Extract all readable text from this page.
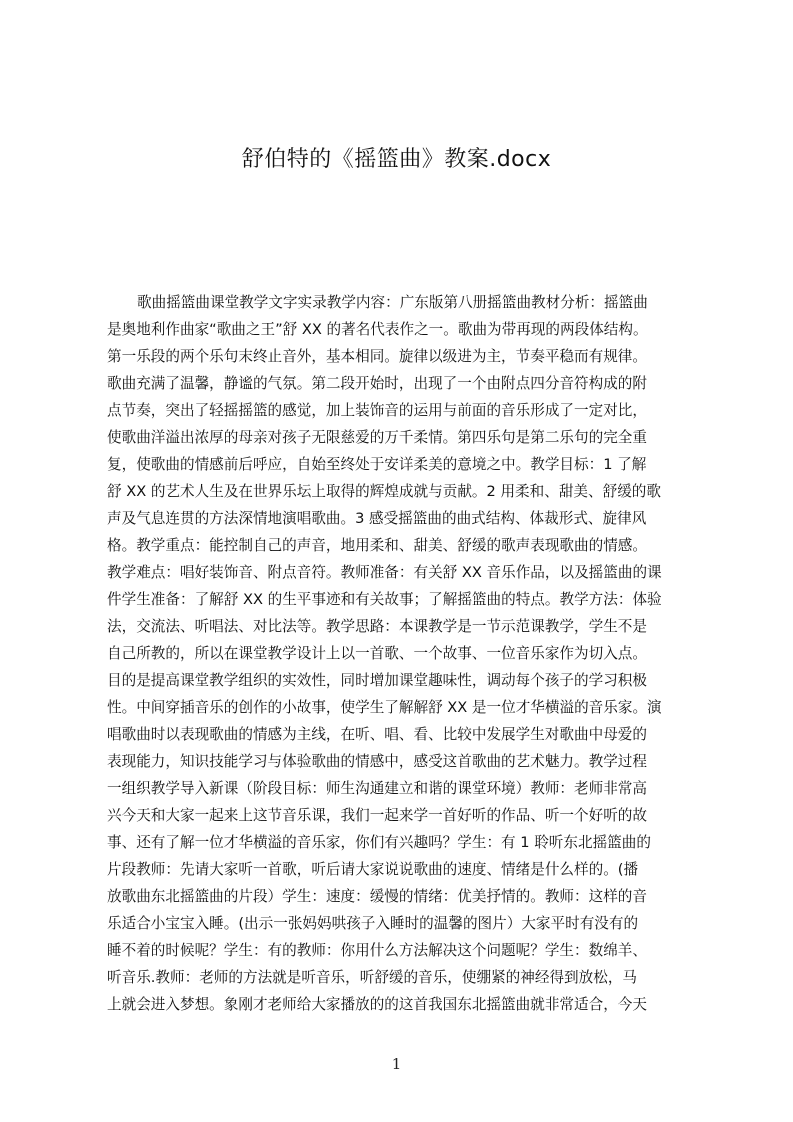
舒伯特的《摇篮曲》教案.docx
歌曲摇篮曲课堂教学文字实录教学内容：广东版第八册摇篮曲教材分析：摇篮曲
是奥地利作曲家“歌曲之王”舒 XX 的著名代表作之一。歌曲为带再现的两段体结构。
第一乐段的两个乐句末终止音外，基本相同。旋律以级进为主，节奏平稳而有规律。
歌曲充满了温馨，静谧的气氛。第二段开始时，出现了一个由附点四分音符构成的附
点节奏，突出了轻摇摇篮的感觉，加上装饰音的运用与前面的音乐形成了一定对比，
使歌曲洋溢出浓厚的母亲对孩子无限慈爱的万千柔情。第四乐句是第二乐句的完全重
复，使歌曲的情感前后呼应，自始至终处于安详柔美的意境之中。教学目标：1 了解
舒 XX 的艺术人生及在世界乐坛上取得的辉煌成就与贡献。2 用柔和、甜美、舒缓的歌
声及气息连贯的方法深情地演唱歌曲。3 感受摇篮曲的曲式结构、体裁形式、旋律风
格。教学重点：能控制自己的声音，地用柔和、甜美、舒缓的歌声表现歌曲的情感。
教学难点：唱好装饰音、附点音符。教师准备：有关舒 XX 音乐作品，以及摇篮曲的课
件学生准备：了解舒 XX 的生平事迹和有关故事；了解摇篮曲的特点。教学方法：体验
法，交流法、听唱法、对比法等。教学思路：本课教学是一节示范课教学，学生不是
自己所教的，所以在课堂教学设计上以一首歌、一个故事、一位音乐家作为切入点。
目的是提高课堂教学组织的实效性，同时增加课堂趣味性，调动每个孩子的学习积极
性。中间穿插音乐的创作的小故事，使学生了解解舒 XX 是一位才华横溢的音乐家。演
唱歌曲时以表现歌曲的情感为主线，在听、唱、看、比较中发展学生对歌曲中母爱的
表现能力，知识技能学习与体验歌曲的情感中，感受这首歌曲的艺术魅力。教学过程
一组织教学导入新课（阶段目标：师生沟通建立和谐的课堂环境）教师：老师非常高
兴今天和大家一起来上这节音乐课，我们一起来学一首好听的作品、听一个好听的故
事、还有了解一位才华横溢的音乐家，你们有兴趣吗？学生：有 1 聆听东北摇篮曲的
片段教师：先请大家听一首歌，听后请大家说说歌曲的速度、情绪是什么样的。(播
放歌曲东北摇篮曲的片段）学生：速度：缓慢的情绪：优美抒情的。教师：这样的音
乐适合小宝宝入睡。(出示一张妈妈哄孩子入睡时的温馨的图片）大家平时有没有的
睡不着的时候呢？学生：有的教师：你用什么方法解决这个问题呢？学生：数绵羊、
听音乐.教师：老师的方法就是听音乐，听舒缓的音乐，使绷紧的神经得到放松，马
上就会进入梦想。象刚才老师给大家播放的的这首我国东北摇篮曲就非常适合，今天
1
